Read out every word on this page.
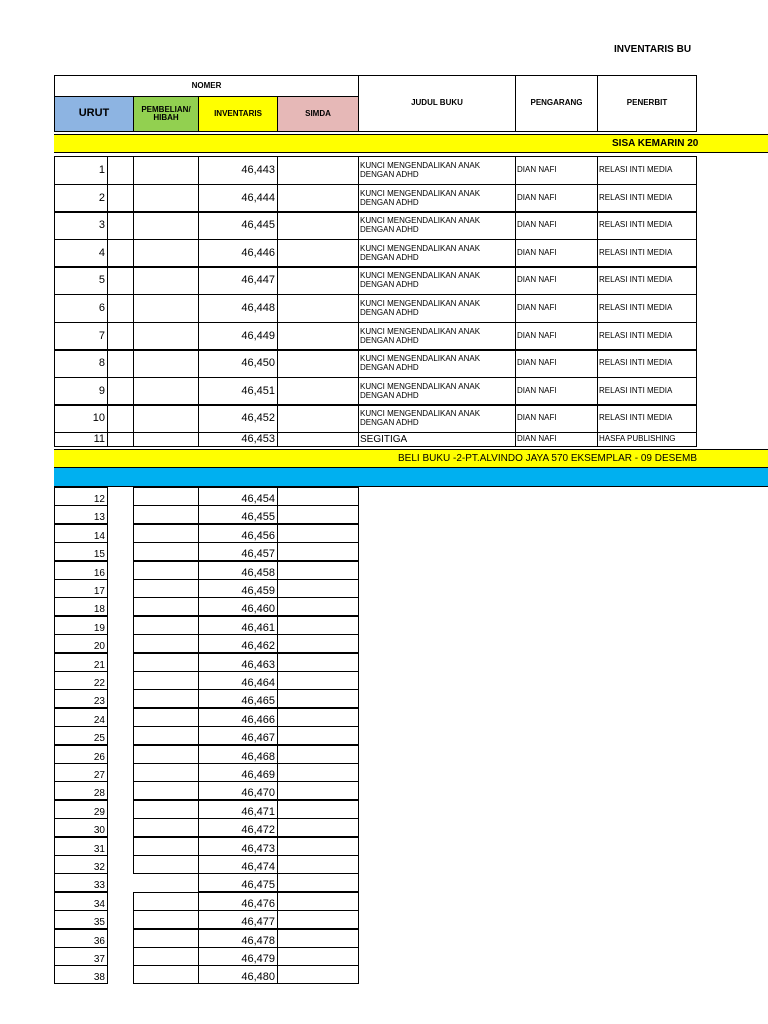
INVENTARIS BU
NOMER
URUT	PEMBELIAN/ HIBAH	INVENTARIS	SIMDA
JUDUL BUKU	PENGARANG	PENERBIT
SISA KEMARIN 20
1	46,443	KUNCI MENGENDALIKAN ANAK DENGAN ADHD	DIAN NAFI	RELASI INTI MEDIA
2	46,444	KUNCI MENGENDALIKAN ANAK DENGAN ADHD	DIAN NAFI	RELASI INTI MEDIA
3	46,445	KUNCI MENGENDALIKAN ANAK DENGAN ADHD	DIAN NAFI	RELASI INTI MEDIA
4	46,446	KUNCI MENGENDALIKAN ANAK DENGAN ADHD	DIAN NAFI	RELASI INTI MEDIA
5	46,447	KUNCI MENGENDALIKAN ANAK DENGAN ADHD	DIAN NAFI	RELASI INTI MEDIA
6	46,448	KUNCI MENGENDALIKAN ANAK DENGAN ADHD	DIAN NAFI	RELASI INTI MEDIA
7	46,449	KUNCI MENGENDALIKAN ANAK DENGAN ADHD	DIAN NAFI	RELASI INTI MEDIA
8	46,450	KUNCI MENGENDALIKAN ANAK DENGAN ADHD	DIAN NAFI	RELASI INTI MEDIA
9	46,451	KUNCI MENGENDALIKAN ANAK DENGAN ADHD	DIAN NAFI	RELASI INTI MEDIA
10	46,452	KUNCI MENGENDALIKAN ANAK DENGAN ADHD	DIAN NAFI	RELASI INTI MEDIA
11	46,453	SEGITIGA	DIAN NAFI	HASFA PUBLISHING
BELI BUKU -2-PT.ALVINDO JAYA 570 EKSEMPLAR - 09 DESEMB
12	46,454
13	46,455
14	46,456
15	46,457
16	46,458
17	46,459
18	46,460
19	46,461
20	46,462
21	46,463
22	46,464
23	46,465
24	46,466
25	46,467
26	46,468
27	46,469
28	46,470
29	46,471
30	46,472
31	46,473
32	46,474
33	46,475
34	46,476
35	46,477
36	46,478
37	46,479
38	46,480
